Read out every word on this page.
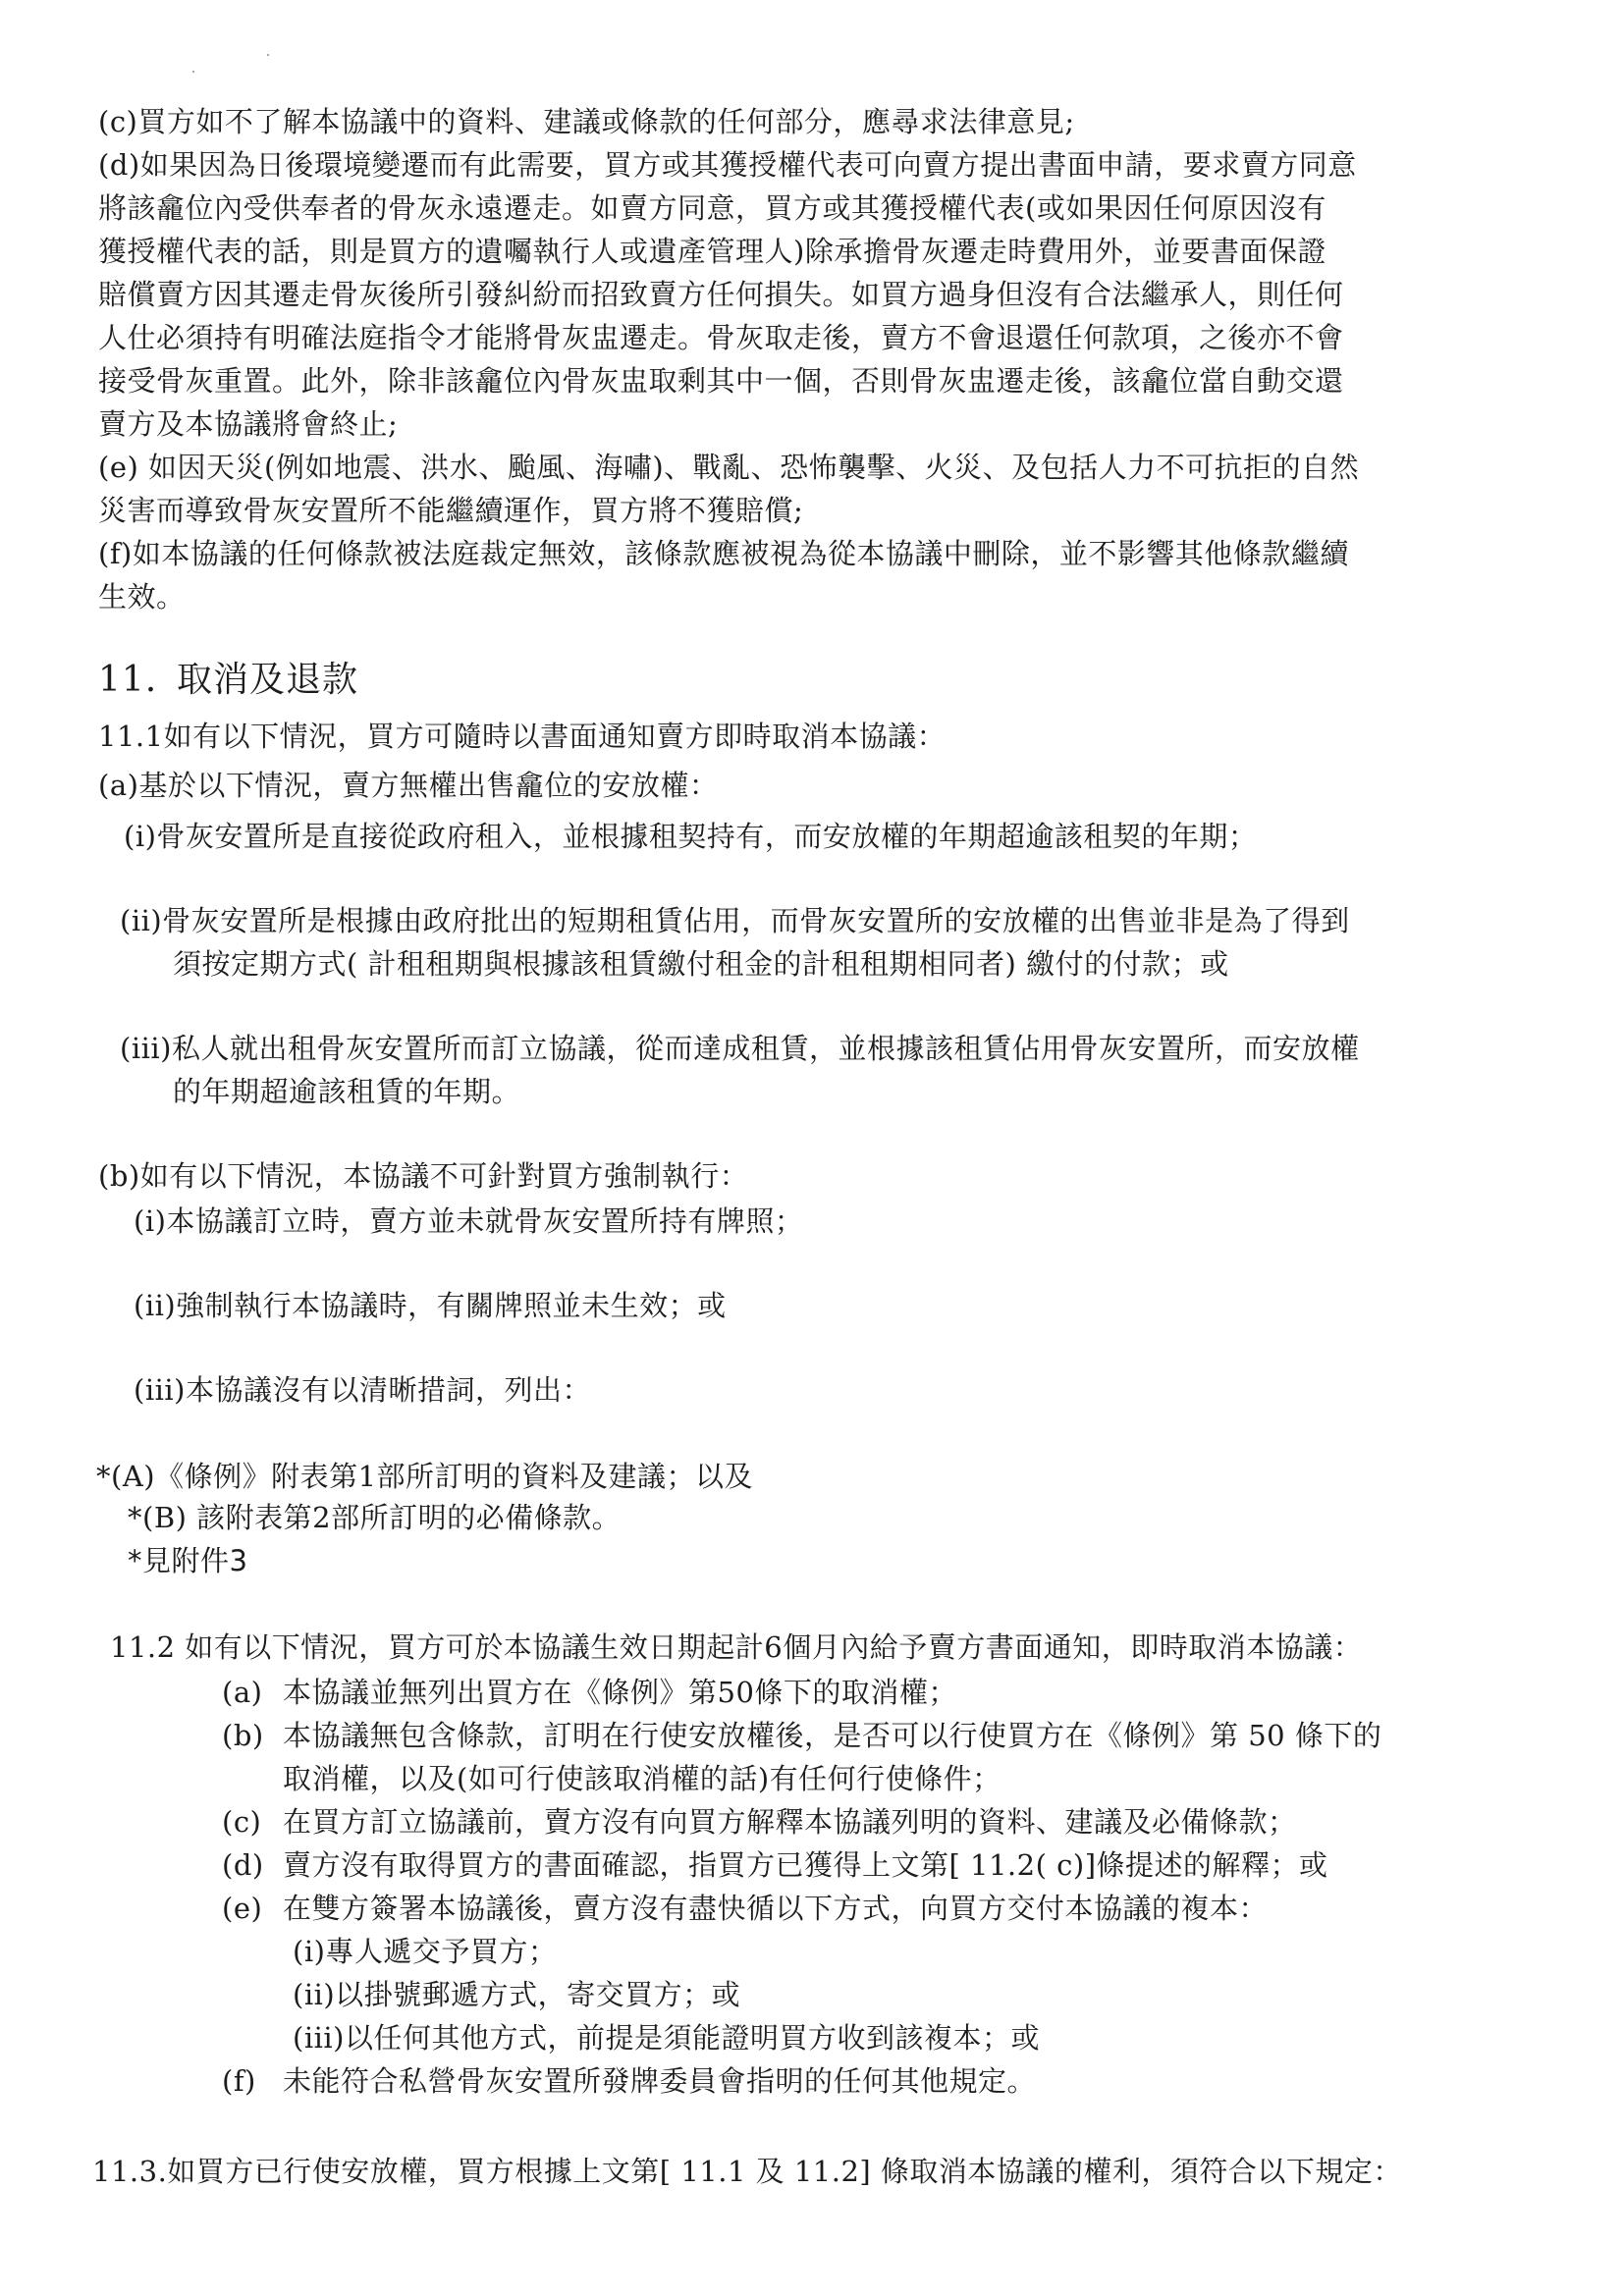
(c)買方如不了解本協議中的資料、建議或條款的任何部分，應尋求法律意見;
(d)如果因為日後環境變遷而有此需要，買方或其獲授權代表可向賣方提出書面申請，要求賣方同意
將該龕位內受供奉者的骨灰永遠遷走。如賣方同意，買方或其獲授權代表(或如果因任何原因沒有
獲授權代表的話，則是買方的遺囑執行人或遺產管理人)除承擔骨灰遷走時費用外，並要書面保證
賠償賣方因其遷走骨灰後所引發糾紛而招致賣方任何損失。如買方過身但沒有合法繼承人，則任何
人仕必須持有明確法庭指令才能將骨灰盅遷走。骨灰取走後，賣方不會退還任何款項，之後亦不會
接受骨灰重置。此外，除非該龕位內骨灰盅取剩其中一個，否則骨灰盅遷走後，該龕位當自動交還
賣方及本協議將會終止;
(e) 如因天災(例如地震、洪水、颱風、海嘯)、戰亂、恐怖襲擊、火災、及包括人力不可抗拒的自然
災害而導致骨灰安置所不能繼續運作，買方將不獲賠償;
(f)如本協議的任何條款被法庭裁定無效，該條款應被視為從本協議中刪除，並不影響其他條款繼續
生效。
11. 取消及退款
11.1如有以下情況，買方可隨時以書面通知賣方即時取消本協議：
(a)基於以下情況，賣方無權出售龕位的安放權：
(i)骨灰安置所是直接從政府租入，並根據租契持有，而安放權的年期超逾該租契的年期；
(ii)骨灰安置所是根據由政府批出的短期租賃佔用，而骨灰安置所的安放權的出售並非是為了得到
須按定期方式( 計租租期與根據該租賃繳付租金的計租租期相同者) 繳付的付款；或
(iii)私人就出租骨灰安置所而訂立協議，從而達成租賃，並根據該租賃佔用骨灰安置所，而安放權
的年期超逾該租賃的年期。
(b)如有以下情況，本協議不可針對買方強制執行：
(i)本協議訂立時，賣方並未就骨灰安置所持有牌照；
(ii)強制執行本協議時，有關牌照並未生效；或
(iii)本協議沒有以清晰措詞，列出：
*(A)《條例》附表第1部所訂明的資料及建議；以及
*(B) 該附表第2部所訂明的必備條款。
*見附件3
11.2 如有以下情況，買方可於本協議生效日期起計6個月內給予賣方書面通知，即時取消本協議：
(a) 本協議並無列出買方在《條例》第50條下的取消權；
(b) 本協議無包含條款，訂明在行使安放權後，是否可以行使買方在《條例》第 50 條下的
取消權，以及(如可行使該取消權的話)有任何行使條件；
(c) 在買方訂立協議前，賣方沒有向買方解釋本協議列明的資料、建議及必備條款；
(d) 賣方沒有取得買方的書面確認，指買方已獲得上文第[ 11.2( c)]條提述的解釋；或
(e) 在雙方簽署本協議後，賣方沒有盡快循以下方式，向買方交付本協議的複本：
(i)專人遞交予買方；
(ii)以掛號郵遞方式，寄交買方；或
(iii)以任何其他方式，前提是須能證明買方收到該複本；或
(f) 未能符合私營骨灰安置所發牌委員會指明的任何其他規定。
11.3.如買方已行使安放權，買方根據上文第[ 11.1 及 11.2] 條取消本協議的權利，須符合以下規定：
